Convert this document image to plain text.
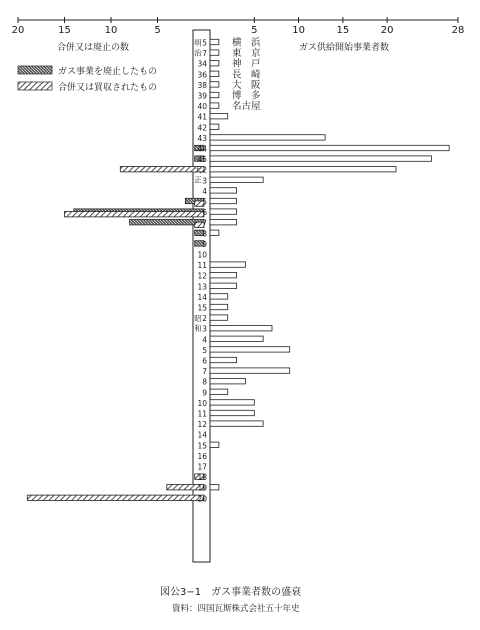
合併又は廃止の数	ガス供給開始事業者数
ガス事業を廃止したもの
合併又は買収されたもの
20	15	10	5	5	10	15	20	28
5
7
34
36
38
39
40
41
42
43
44
45
2
3
4
5
6
7
8
9
10
11
12
13
14
15
2
3
4
5
6
7
8
9
10
11
12
14
15
16
17
18
19
20
明
治
大
正
昭
和
横　浜
東　京
神　戸
長　崎
大　阪
博　多
名古屋
図公3−1　ガス事業者数の盛衰
資料：四国瓦斯株式会社五十年史
